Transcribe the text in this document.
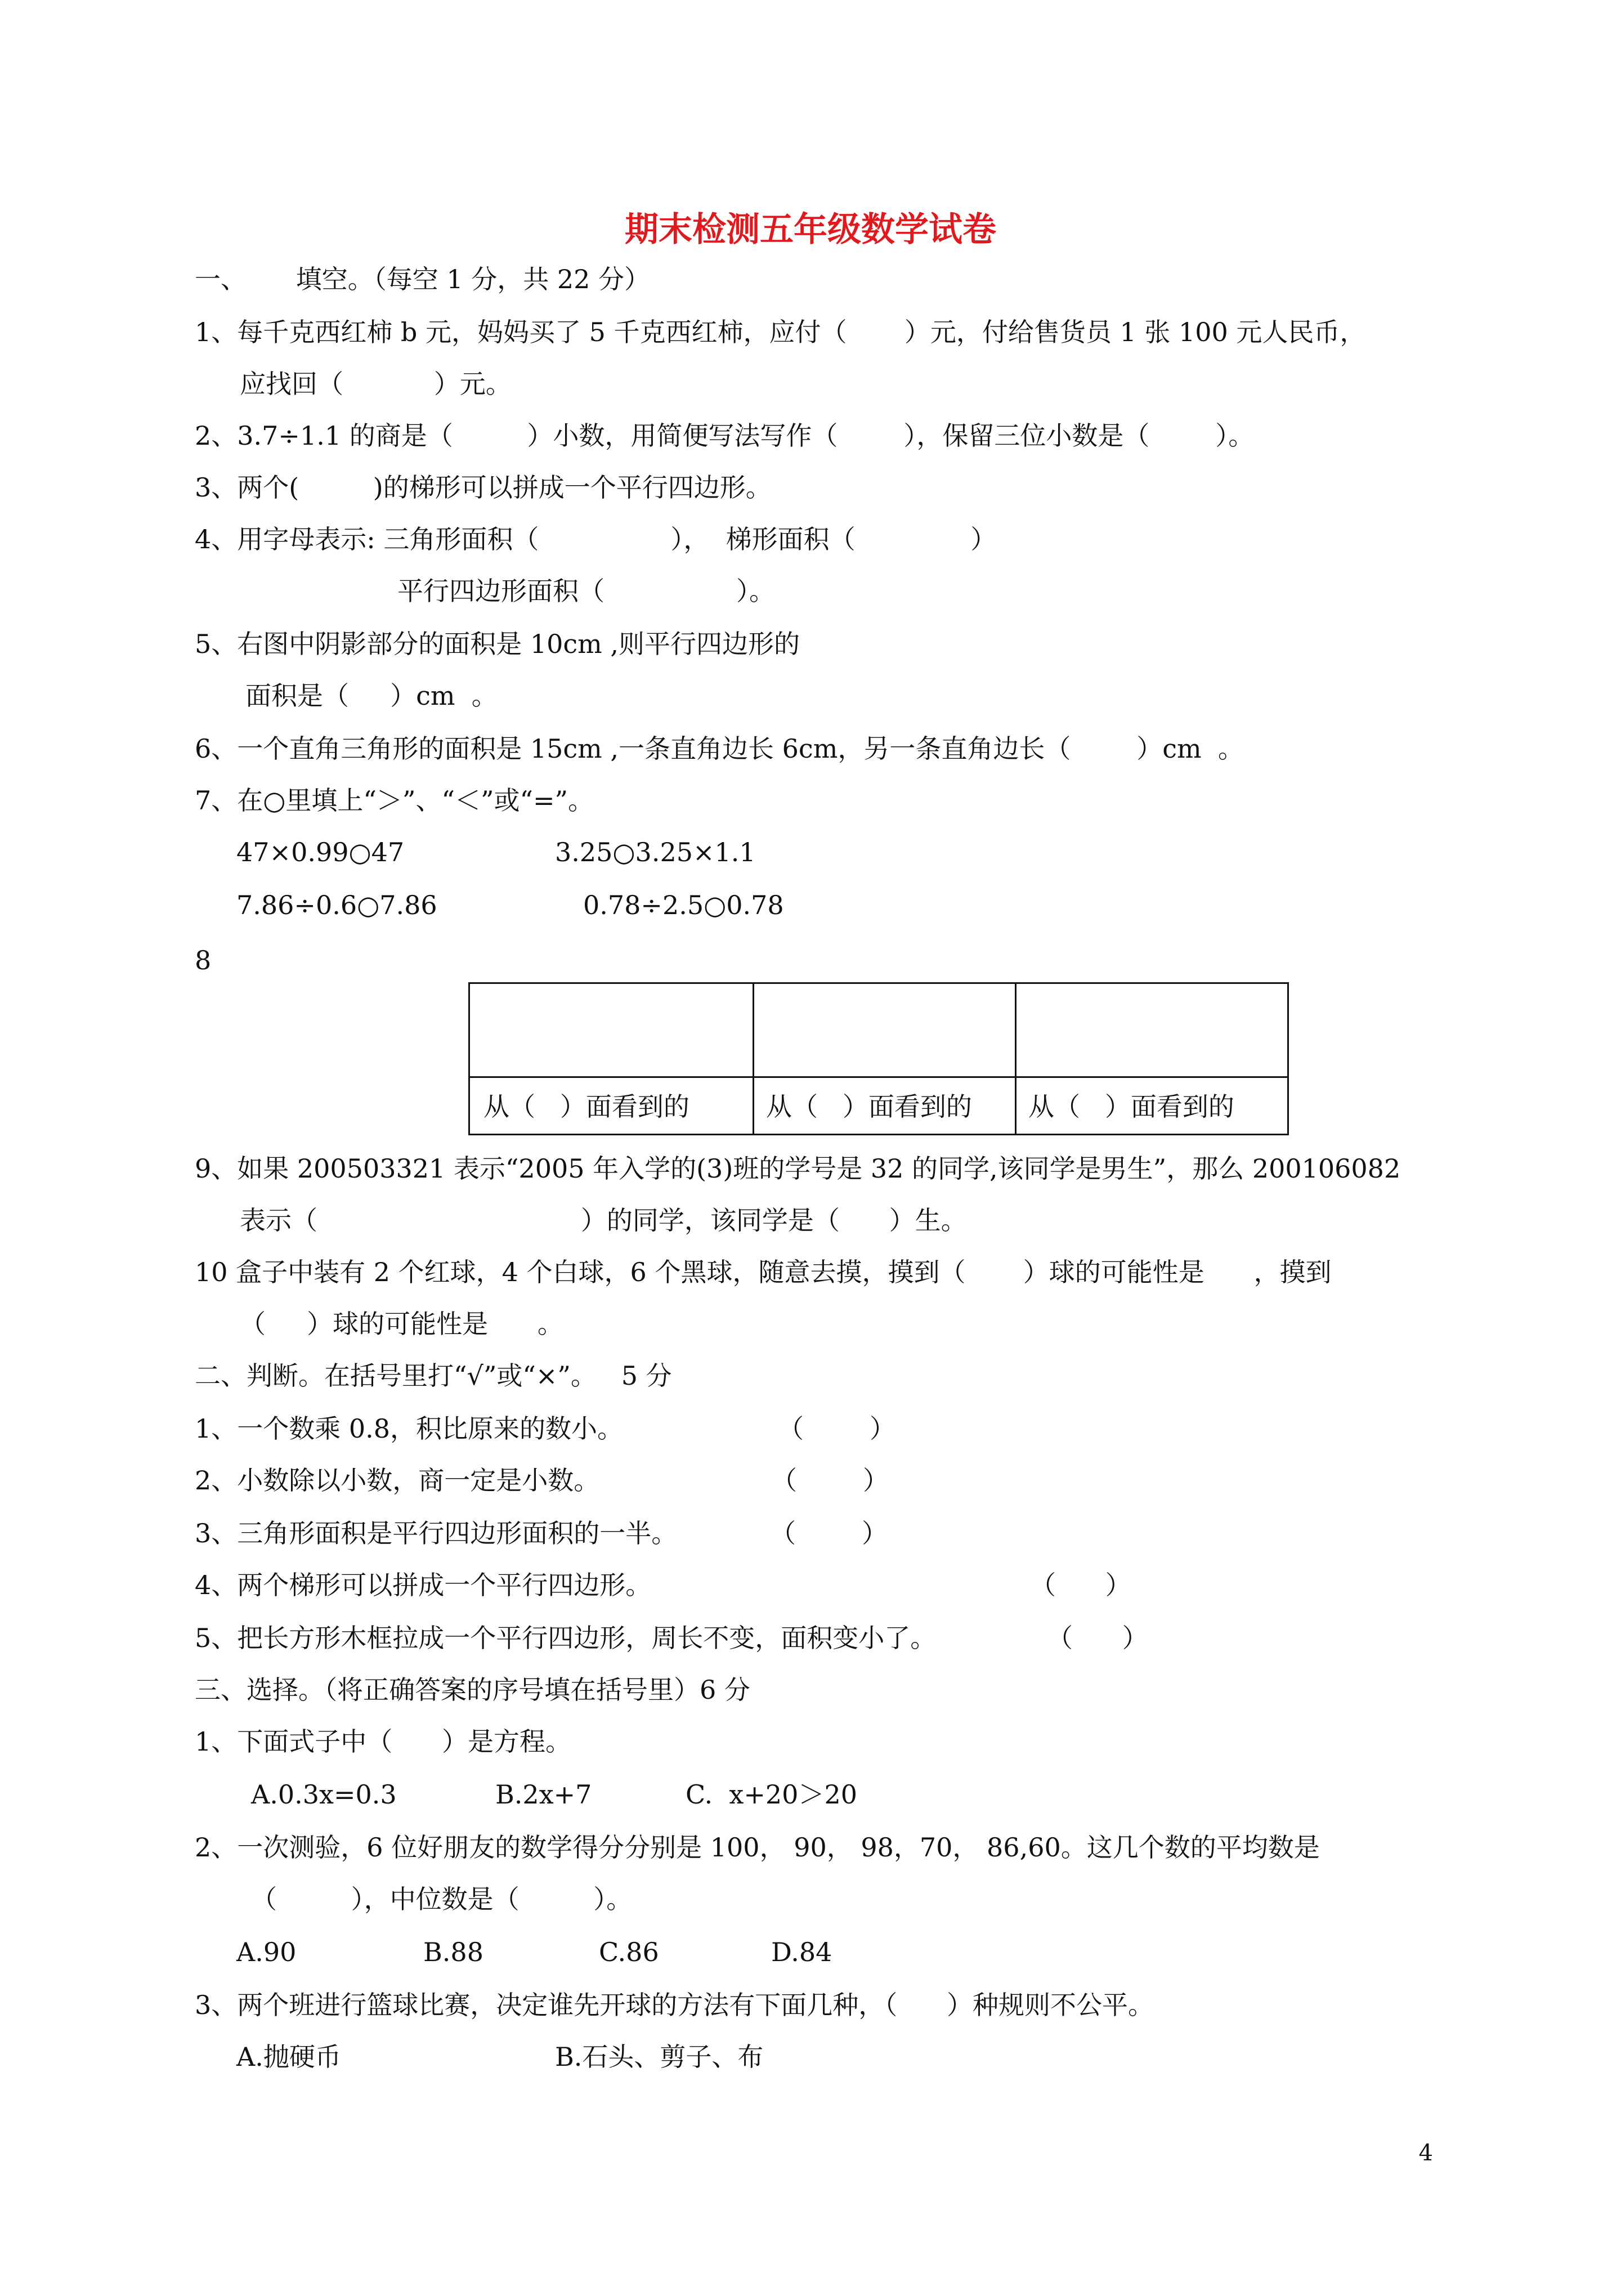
期末检测五年级数学试卷
一、      填空。（每空 1 分，共 22 分）
1、每千克西红柿 b 元，妈妈买了 5 千克西红柿，应付（       ）元，付给售货员 1 张 100 元人民币，
应找回（           ）元。
2、3.7÷1.1 的商是（         ）小数，用简便写法写作（        ），保留三位小数是（        ）。
3、两个(         )的梯形可以拼成一个平行四边形。
4、用字母表示: 三角形面积（                ），  梯形面积（              ）
平行四边形面积（                ）。
5、右图中阴影部分的面积是 10cm ,则平行四边形的
面积是（     ）cm  。
6、一个直角三角形的面积是 15cm ,一条直角边长 6cm，另一条直角边长（        ）cm  。
7、在○里填上“＞”、“＜”或“=”。
47×0.99○47	3.25○3.25×1.1
7.86÷0.6○7.86	0.78÷2.5○0.78
8
从（   ）面看到的	从（   ）面看到的	从（   ）面看到的
9、如果 200503321 表示“2005 年入学的(3)班的学号是 32 的同学,该同学是男生”，那么 200106082
表示（                                ）的同学，该同学是（      ）生。
10 盒子中装有 2 个红球，4 个白球，6 个黑球，随意去摸，摸到（       ）球的可能性是      ，摸到
（     ）球的可能性是      。
二、判断。在括号里打“√”或“×”。   5 分
1、一个数乘 0.8，积比原来的数小。	（        ）
2、小数除以小数，商一定是小数。	（        ）
3、三角形面积是平行四边形面积的一半。	（        ）
4、两个梯形可以拼成一个平行四边形。	（      ）
5、把长方形木框拉成一个平行四边形，周长不变，面积变小了。	（      ）
三、选择。（将正确答案的序号填在括号里）6 分
1、下面式子中（      ）是方程。
A.0.3x=0.3	B.2x+7	C.  x+20＞20
2、一次测验，6 位好朋友的数学得分分别是 100， 90， 98，70， 86,60。这几个数的平均数是
（         ），中位数是（         ）。
A.90	B.88	C.86	D.84
3、两个班进行篮球比赛，决定谁先开球的方法有下面几种，（      ）种规则不公平。
A.抛硬币	B.石头、剪子、布
4
